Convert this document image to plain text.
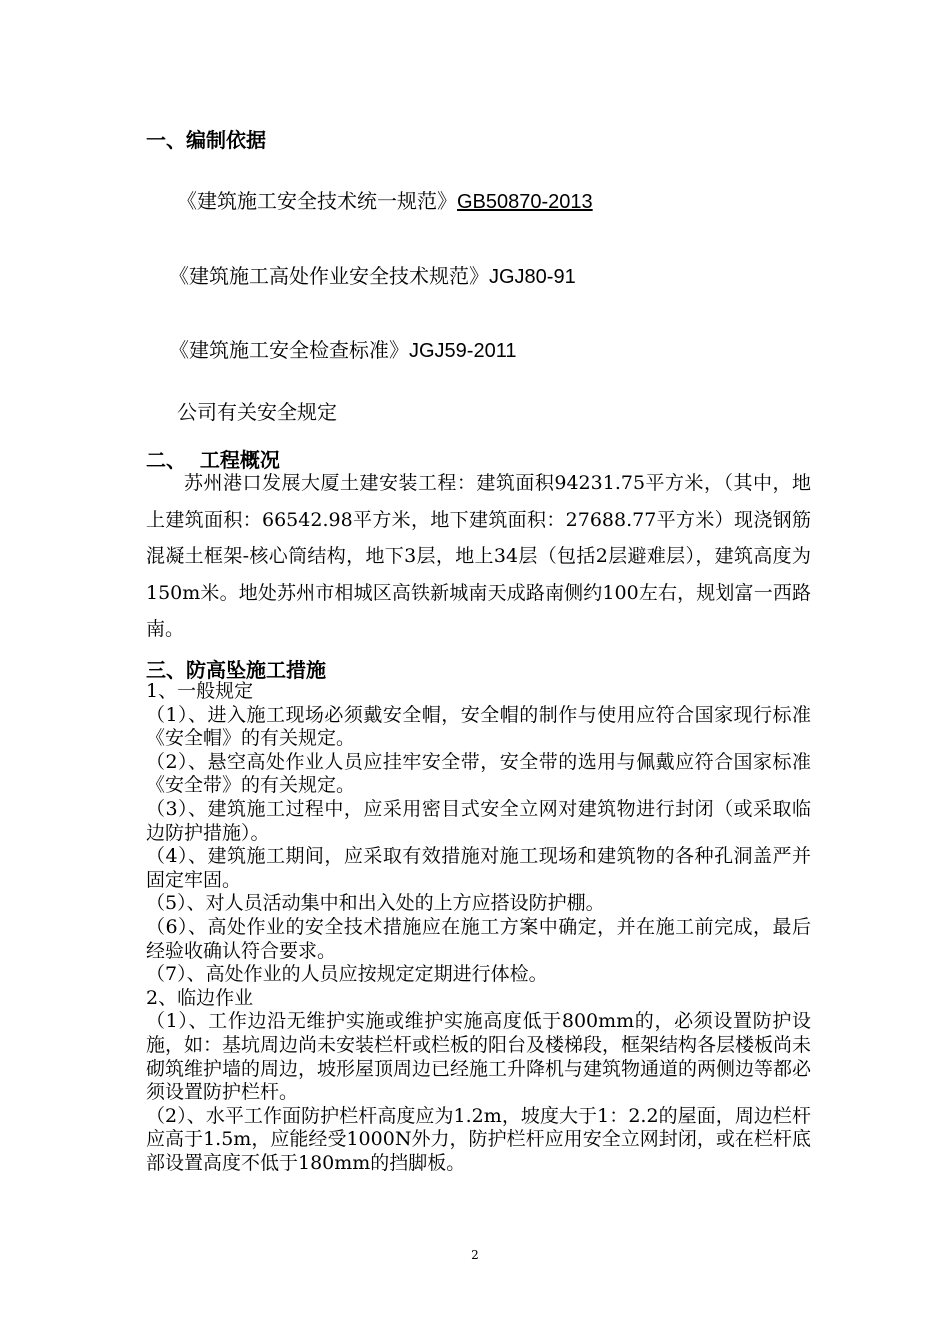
一、编制依据
《建筑施工安全技术统一规范》GB50870-2013
《建筑施工高处作业安全技术规范》JGJ80-91
《建筑施工安全检查标准》JGJ59-2011
公司有关安全规定
二、  工程概况

苏州港口发展大厦土建安装工程：建筑面积94231.75平方米，（其中，地上建筑面积：66542.98平方米，地下建筑面积：27688.77平方米）现浇钢筋混凝土框架-核心筒结构，地下3层，地上34层（包括2层避难层），建筑高度为150m米。地处苏州市相城区高铁新城南天成路南侧约100左右，规划富一西路南。

三、防高坠施工措施
1、一般规定
（1）、进入施工现场必须戴安全帽，安全帽的制作与使用应符合国家现行标准《安全帽》的有关规定。
（2）、悬空高处作业人员应挂牢安全带，安全带的选用与佩戴应符合国家标准《安全带》的有关规定。
（3）、建筑施工过程中，应采用密目式安全立网对建筑物进行封闭（或采取临边防护措施）。
（4）、建筑施工期间，应采取有效措施对施工现场和建筑物的各种孔洞盖严并固定牢固。
（5）、对人员活动集中和出入处的上方应搭设防护棚。
（6）、高处作业的安全技术措施应在施工方案中确定，并在施工前完成，最后经验收确认符合要求。
（7）、高处作业的人员应按规定定期进行体检。
2、临边作业
（1）、工作边沿无维护实施或维护实施高度低于800mm的，必须设置防护设施，如：基坑周边尚未安装栏杆或栏板的阳台及楼梯段，框架结构各层楼板尚未砌筑维护墙的周边，坡形屋顶周边已经施工升降机与建筑物通道的两侧边等都必须设置防护栏杆。
（2）、水平工作面防护栏杆高度应为1.2m，坡度大于1：2.2的屋面，周边栏杆应高于1.5m，应能经受1000N外力，防护栏杆应用安全立网封闭，或在栏杆底部设置高度不低于180mm的挡脚板。
2
